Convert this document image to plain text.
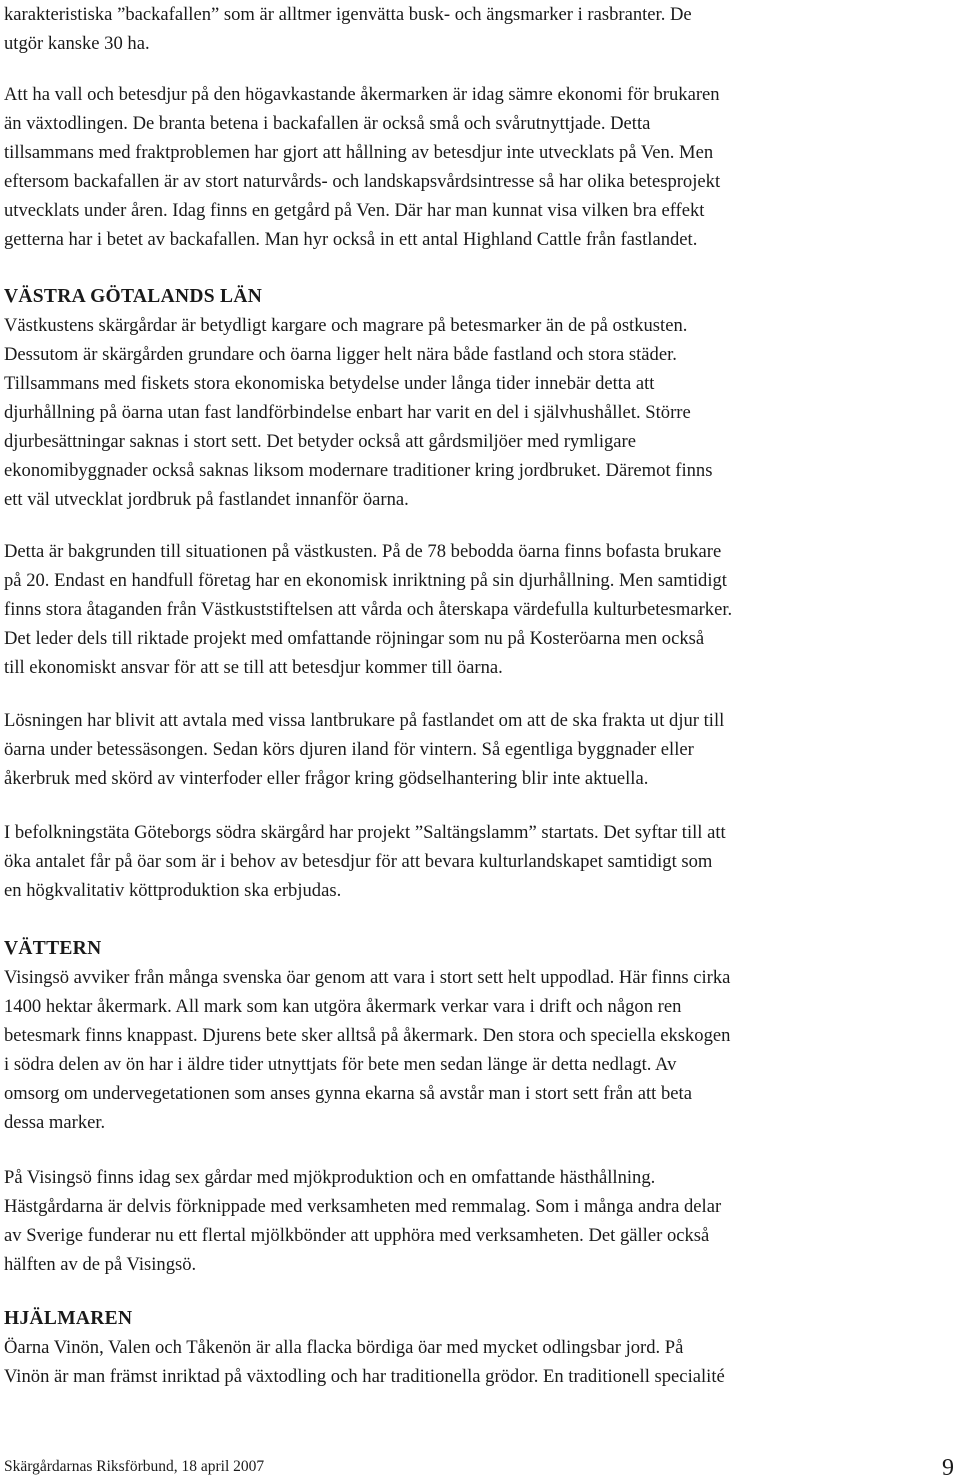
karakteristiska ”backafallen” som är alltmer igenvätta busk- och ängsmarker i rasbranter. De

utgör kanske 30 ha.

Att ha vall och betesdjur på den högavkastande åkermarken är idag sämre ekonomi för brukaren

än växtodlingen. De branta betena i backafallen är också små och svårutnyttjade. Detta

tillsammans med fraktproblemen har gjort att hållning av betesdjur inte utvecklats på Ven. Men

eftersom backafallen är av stort naturvårds- och landskapsvårdsintresse så har olika betesprojekt

utvecklats under åren. Idag finns en getgård på Ven. Där har man kunnat visa vilken bra effekt

getterna har i betet av backafallen. Man hyr också in ett antal Highland Cattle från fastlandet.

VÄSTRA GÖTALANDS LÄN

Västkustens skärgårdar är betydligt kargare och magrare på betesmarker än de på ostkusten.

Dessutom är skärgården grundare och öarna ligger helt nära både fastland och stora städer.

Tillsammans med fiskets stora ekonomiska betydelse under långa tider innebär detta att

djurhållning på öarna utan fast landförbindelse enbart har varit en del i självhushållet. Större

djurbesättningar saknas i stort sett. Det betyder också att gårdsmiljöer med rymligare

ekonomibyggnader också saknas liksom modernare traditioner kring jordbruket. Däremot finns

ett väl utvecklat jordbruk på fastlandet innanför öarna.

Detta är bakgrunden till situationen på västkusten. På de 78 bebodda öarna finns bofasta brukare

på 20. Endast en handfull företag har en ekonomisk inriktning på sin djurhållning. Men samtidigt

finns stora åtaganden från Västkuststiftelsen att vårda och återskapa värdefulla kulturbetesmarker.

Det leder dels till riktade projekt med omfattande röjningar som nu på Kosteröarna men också

till ekonomiskt ansvar för att se till att betesdjur kommer till öarna.

Lösningen har blivit att avtala med vissa lantbrukare på fastlandet om att de ska frakta ut djur till

öarna under betessäsongen. Sedan körs djuren iland för vintern. Så egentliga byggnader eller

åkerbruk med skörd av vinterfoder eller frågor kring gödselhantering blir inte aktuella.

I befolkningstäta Göteborgs södra skärgård har projekt ”Saltängslamm” startats. Det syftar till att

öka antalet får på öar som är i behov av betesdjur för att bevara kulturlandskapet samtidigt som

en högkvalitativ köttproduktion ska erbjudas.

VÄTTERN

Visingsö avviker från många svenska öar genom att vara i stort sett helt uppodlad. Här finns cirka

1400 hektar åkermark. All mark som kan utgöra åkermark verkar vara i drift och någon ren

betesmark finns knappast. Djurens bete sker alltså på åkermark. Den stora och speciella ekskogen

i södra delen av ön har i äldre tider utnyttjats för bete men sedan länge är detta nedlagt. Av

omsorg om undervegetationen som anses gynna ekarna så avstår man i stort sett från att beta

dessa marker.

På Visingsö finns idag sex gårdar med mjökproduktion och en omfattande hästhållning.

Hästgårdarna är delvis förknippade med verksamheten med remmalag. Som i många andra delar

av Sverige funderar nu ett flertal mjölkbönder att upphöra med verksamheten. Det gäller också

hälften av de på Visingsö.

HJÄLMAREN

Öarna Vinön, Valen och Tåkenön är alla flacka bördiga öar med mycket odlingsbar jord. På

Vinön är man främst inriktad på växtodling och har traditionella grödor. En traditionell specialité

Skärgårdarnas Riksförbund, 18 april 2007	9
